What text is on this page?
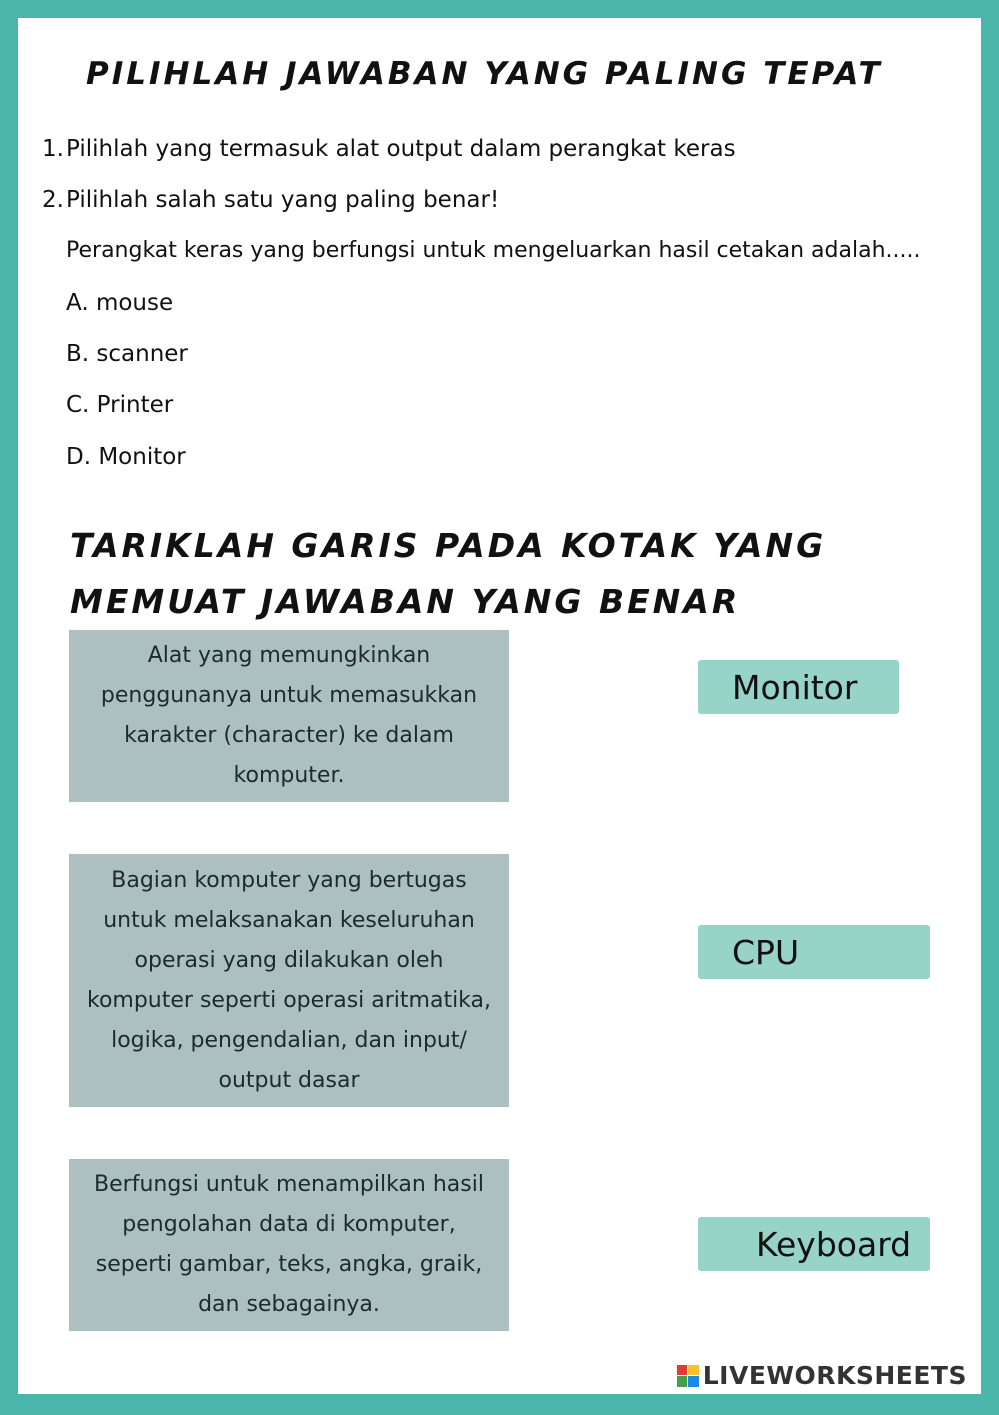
PILIHLAH JAWABAN YANG PALING TEPAT
1.Pilihlah yang termasuk alat output dalam perangkat keras
2.Pilihlah salah satu yang paling benar!
Perangkat keras yang berfungsi untuk mengeluarkan hasil cetakan adalah.....
A. mouse
B. scanner
C. Printer
D. Monitor
TARIKLAH GARIS PADA KOTAK YANG MEMUAT JAWABAN YANG BENAR
Alat yang memungkinkan penggunanya untuk memasukkan karakter (character) ke dalam komputer.
Bagian komputer yang bertugas untuk melaksanakan keseluruhan operasi yang dilakukan oleh komputer seperti operasi aritmatika, logika, pengendalian, dan input/ output dasar
Berfungsi untuk menampilkan hasil pengolahan data di komputer, seperti gambar, teks, angka, graik, dan sebagainya.
Monitor
CPU
Keyboard
LIVEWORKSHEETS
